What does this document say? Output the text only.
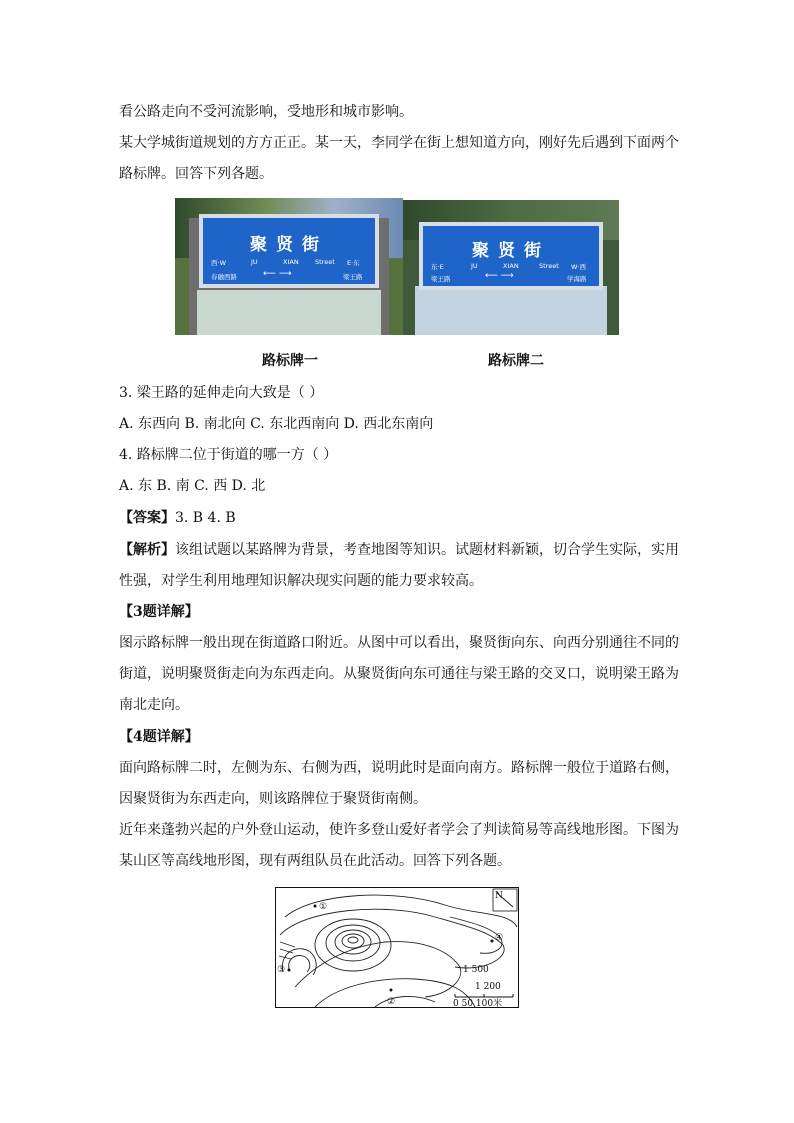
看公路走向不受河流影响，受地形和城市影响。
某大学城街道规划的方方正正。某一天，李同学在街上想知道方向，刚好先后遇到下面两个
路标牌。回答下列各题。
聚贤街
西·W	JU	XIAN	Street E·东
春融西路	⟵ ⟶	梁王路
聚贤街
东·E	JU	XIAN	Street W·西
梁王路	⟵ ⟶	学海路
路标牌一	路标牌二
3. 梁王路的延伸走向大致是（ ）
A. 东西向 B. 南北向 C. 东北西南向 D. 西北东南向
4. 路标牌二位于街道的哪一方（ ）
A. 东 B. 南 C. 西 D. 北
【答案】3. B 4. B
【解析】该组试题以某路牌为背景，考查地图等知识。试题材料新颖，切合学生实际，实用
性强，对学生利用地理知识解决现实问题的能力要求较高。
【3题详解】
图示路标牌一般出现在街道路口附近。从图中可以看出，聚贤街向东、向西分别通往不同的
街道，说明聚贤街走向为东西走向。从聚贤街向东可通往与梁王路的交叉口，说明梁王路为
南北走向。
【4题详解】
面向路标牌二时，左侧为东、右侧为西，说明此时是面向南方。路标牌一般位于道路右侧，
因聚贤街为东西走向，则该路牌位于聚贤街南侧。
近年来蓬勃兴起的户外登山运动，使许多登山爱好者学会了判读简易等高线地形图。下图为
某山区等高线地形图，现有两组队员在此活动。回答下列各题。
N
①
②
③
④
1 500
1 200
0 50 100米
